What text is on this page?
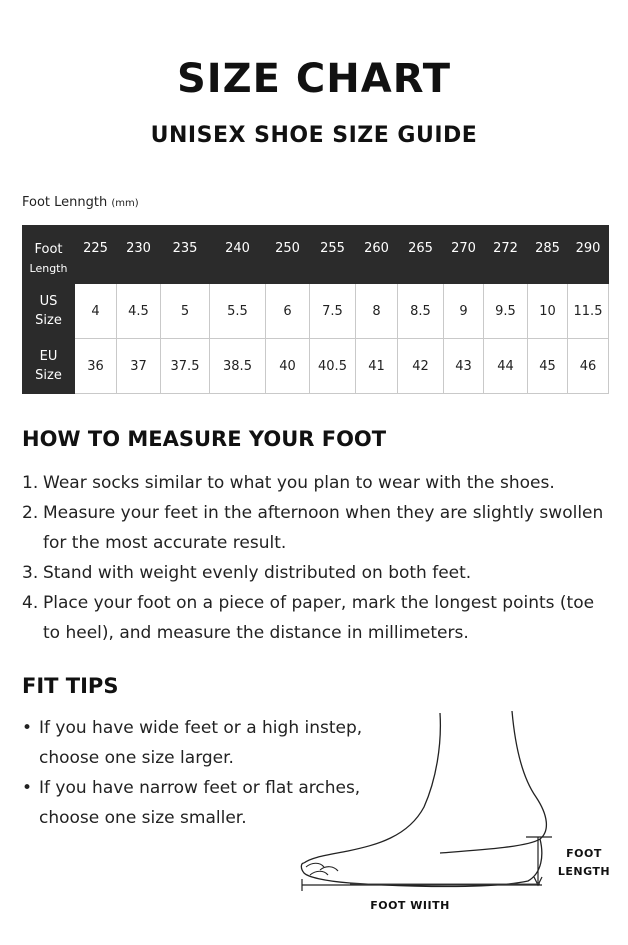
SIZE CHART
UNISEX SHOE SIZE GUIDE
Foot Lenngth (mm)
Foot
Length	225	230	235	240	250	255	260	265	270	272	285	290

US
Size	4	4.5	5	5.5	6	7.5	8	8.5	9	9.5	10	11.5

EU
Size	36	37	37.5	38.5	40	40.5	41	42	43	44	45	46
HOW TO MEASURE YOUR FOOT
1. Wear socks similar to what you plan to wear with the shoes.
2. Measure your feet in the afternoon when they are slightly swollen for the most accurate result.
3. Stand with weight evenly distributed on both feet.
4. Place your foot on a piece of paper, mark the longest points (toe to heel), and measure the distance in millimeters.
FIT TIPS
• If you have wide feet or a high instep, choose one size larger.
• If you have narrow feet or flat arches, choose one size smaller.
FOOT
LENGTH
FOOT WIITH
